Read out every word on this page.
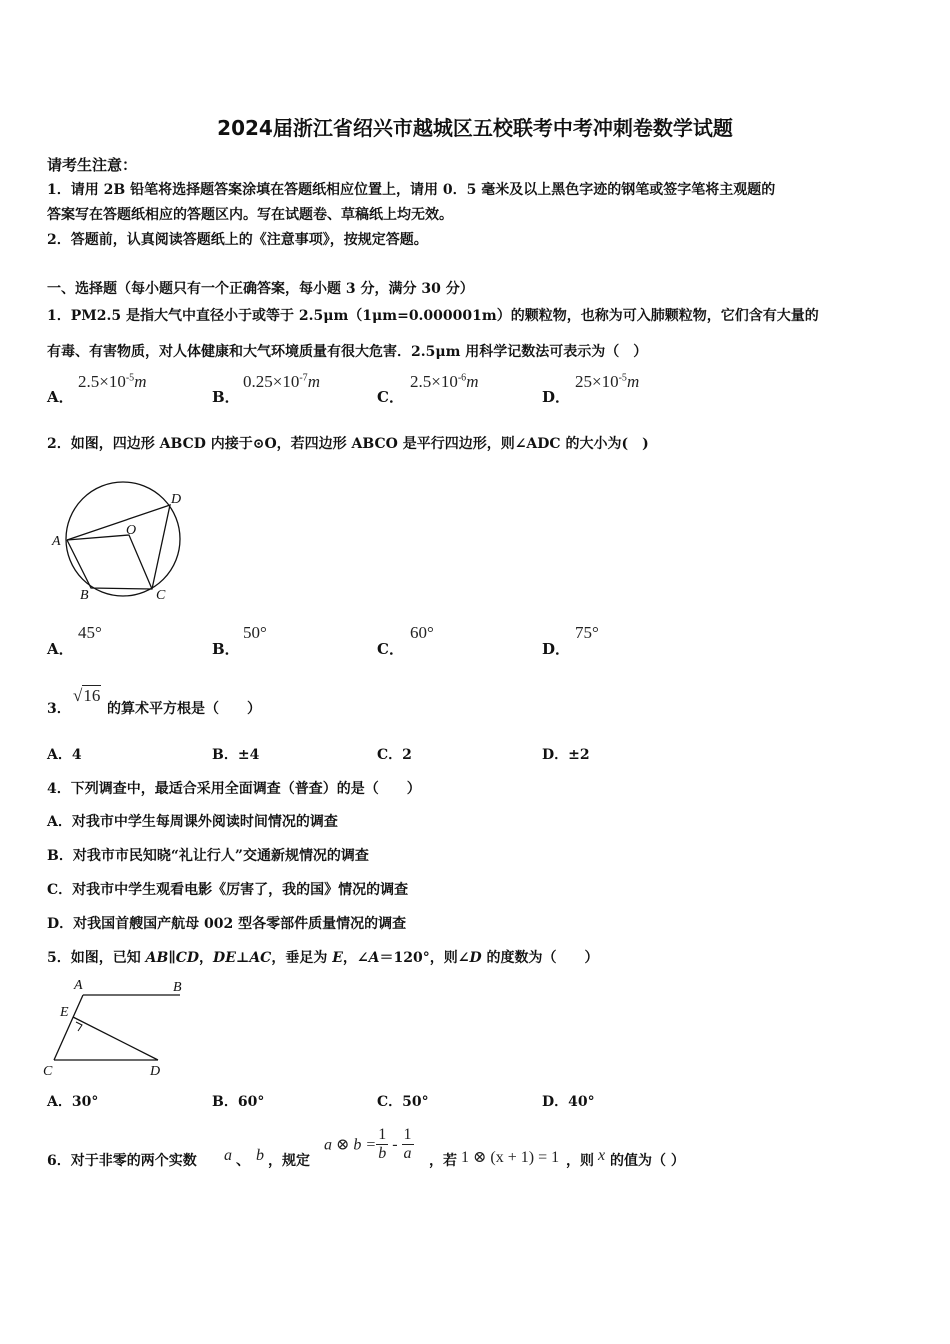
2024届浙江省绍兴市越城区五校联考中考冲刺卷数学试题
请考生注意：
1．请用 2B 铅笔将选择题答案涂填在答题纸相应位置上，请用 0．5 毫米及以上黑色字迹的钢笔或签字笔将主观题的
答案写在答题纸相应的答题区内。写在试题卷、草稿纸上均无效。
2．答题前，认真阅读答题纸上的《注意事项》，按规定答题。
一、选择题（每小题只有一个正确答案，每小题 3 分，满分 30 分）
1．PM2.5 是指大气中直径小于或等于 2.5μm（1μm=0.000001m）的颗粒物，也称为可入肺颗粒物，它们含有大量的
有毒、有害物质，对人体健康和大气环境质量有很大危害．2.5μm 用科学记数法可表示为（　）
A．
$2.5\times 10^{-5}m$
B．
$0.25\times 10^{-7}m$
C．
$2.5\times 10^{-6}m$
D．
$25\times 10^{-5}m$
2．如图，四边形 ABCD 内接于⊙O，若四边形 ABCO 是平行四边形，则∠ADC 的大小为(　)
A
B	C
D
O
A．
45°
B．
50°
C．
60°
D．
75°
3．
√16
的算术平方根是（　　）
A．4	B．±4	C．2	D．±2
4．下列调查中，最适合采用全面调查（普查）的是（　　）
A．对我市中学生每周课外阅读时间情况的调查
B．对我市市民知晓“礼让行人”交通新规情况的调查
C．对我市中学生观看电影《厉害了，我的国》情况的调查
D．对我国首艘国产航母 002 型各零部件质量情况的调查
5．如图，已知 AB∥CD，DE⊥AC，垂足为 E，∠A＝120°，则∠D 的度数为（　　）
A	B
E
C	D
A．30°	B．60°	C．50°	D．40°
6．对于非零的两个实数 a 、 b ，规定
a ⊗ $b = \frac{1}{b} - \frac{1}{a}$ ，若 1 ⊗ (x + 1) = 1 ，则 x 的值为（ ）
